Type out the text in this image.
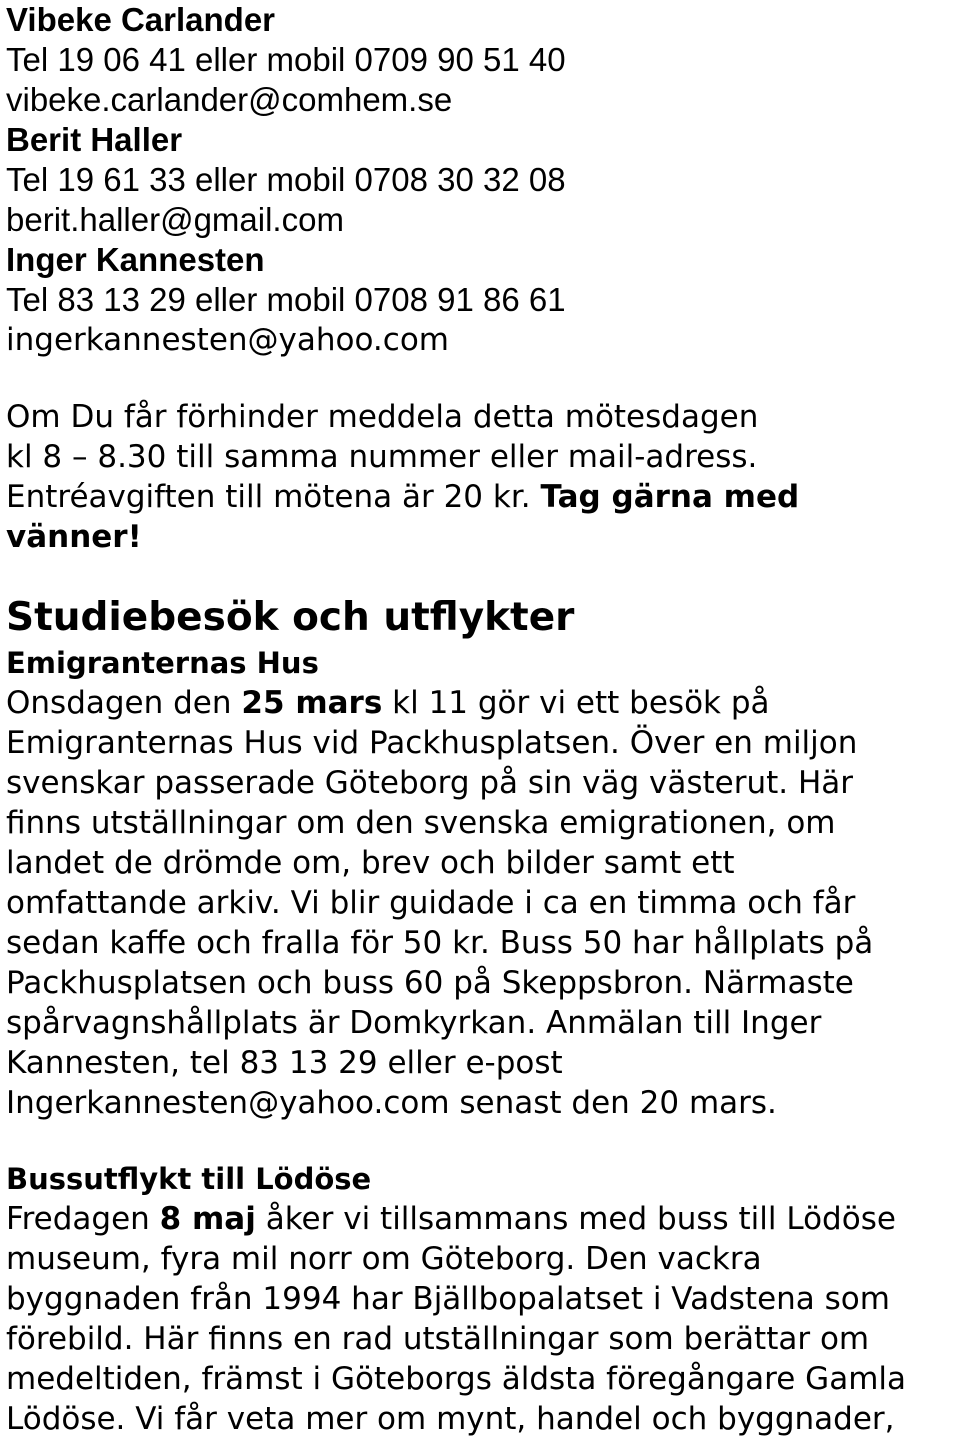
Vibeke Carlander

Tel 19 06 41 eller mobil 0709 90 51 40

vibeke.carlander@comhem.se

Berit Haller

Tel 19 61 33 eller mobil 0708 30 32 08

berit.haller@gmail.com

Inger Kannesten

Tel 83 13 29 eller mobil 0708 91 86 61

ingerkannesten@yahoo.com

Om Du får förhinder meddela detta mötesdagen

kl 8 – 8.30 till samma nummer eller mail-adress.

Entréavgiften till mötena är 20 kr. Tag gärna med

vänner!

Studiebesök och utflykter
Emigranternas Hus

Onsdagen den 25 mars kl 11 gör vi ett besök på

Emigranternas Hus vid Packhusplatsen. Över en miljon

svenskar passerade Göteborg på sin väg västerut. Här

finns utställningar om den svenska emigrationen, om

landet de drömde om, brev och bilder samt ett

omfattande arkiv. Vi blir guidade i ca en timma och får

sedan kaffe och fralla för 50 kr. Buss 50 har hållplats på

Packhusplatsen och buss 60 på Skeppsbron. Närmaste

spårvagnshållplats är Domkyrkan. Anmälan till Inger

Kannesten, tel 83 13 29 eller e-post

Ingerkannesten@yahoo.com senast den 20 mars.

Bussutflykt till Lödöse

Fredagen 8 maj åker vi tillsammans med buss till Lödöse

museum, fyra mil norr om Göteborg. Den vackra

byggnaden från 1994 har Bjällbopalatset i Vadstena som

förebild. Här finns en rad utställningar som berättar om

medeltiden, främst i Göteborgs äldsta föregångare Gamla

Lödöse. Vi får veta mer om mynt, handel och byggnader,
